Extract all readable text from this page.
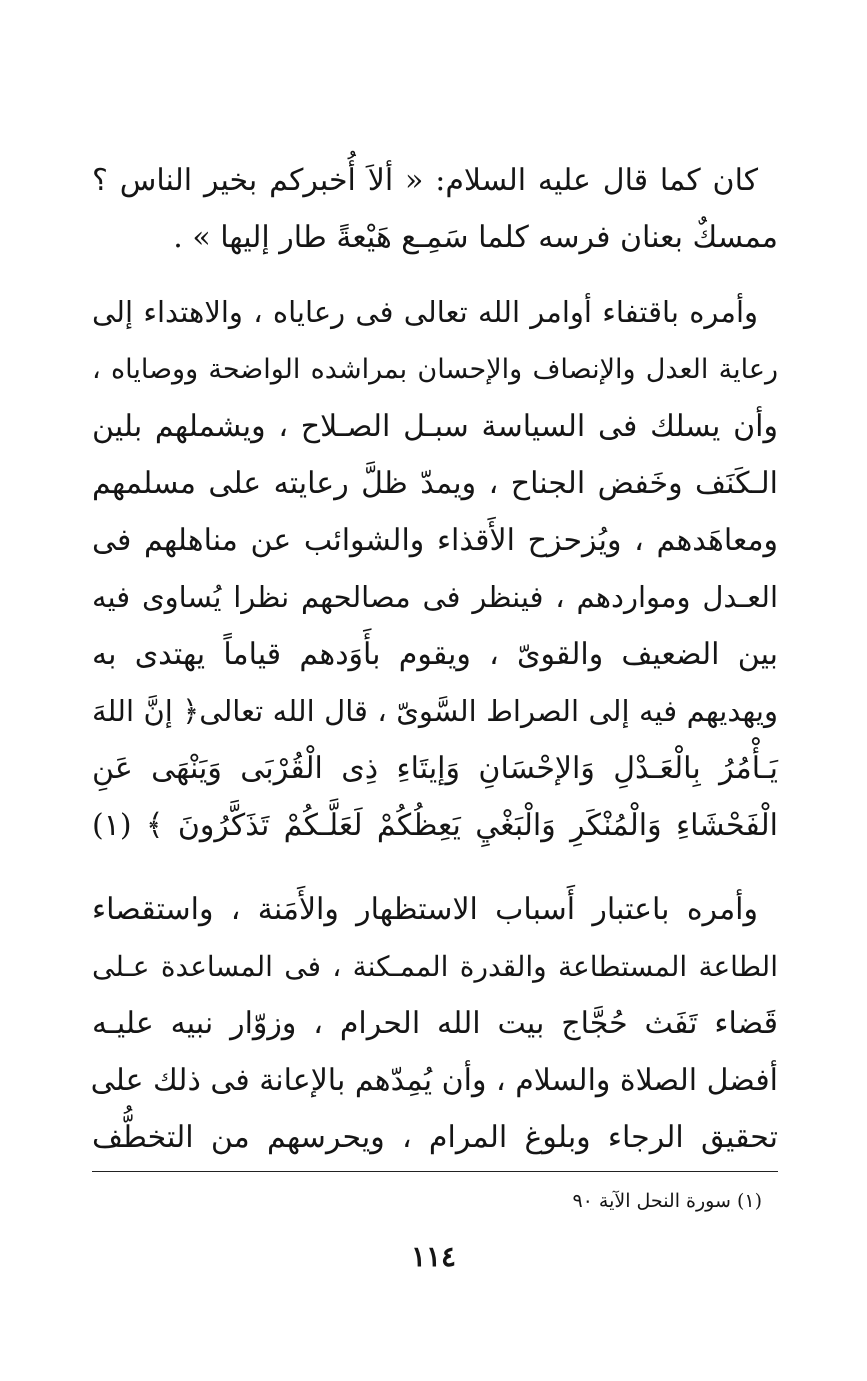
كان كما قال عليه السلام: « ألاَ أُخبركم بخير الناس ؟
ممسكٌ بعنان فرسه كلما سَمِـع هَيْعةً طار إليها » .
وأمره باقتفاء أوامر الله تعالى فى رعاياه ، والاهتداء إلى
رعاية العدل والإنصاف والإحسان بمراشده الواضحة ووصاياه ،
وأن يسلك فى السياسة سبـل الصـلاح ، ويشملهم بلين
الـكَنَف وخَفض الجناح ، ويمدّ ظلَّ رعايته على مسلمهم
ومعاهَدهم ، ويُزحزح الأَقذاء والشوائب عن مناهلهم فى
العـدل ومواردهم ، فينظر فى مصالحهم نظرا يُساوى فيه
بين الضعيف والقوىّ ، ويقوم بأَوَدهم قياماً يهتدى به
ويهديهم فيه إلى الصراط السَّوىّ ، قال الله تعالى﴿ إنَّ اللهَ
يَـأْمُرُ بِالْعَـدْلِ وَالإحْسَانِ وَإيتَاءِ ذِى الْقُرْبَى وَيَنْهَى عَنِ
الْفَحْشَاءِ وَالْمُنْكَرِ وَالْبَغْيِ يَعِظُكُمْ لَعَلَّـكُمْ تَذَكَّرُونَ ﴾ (١)
وأمره باعتبار أَسباب الاستظهار والأَمَنة ، واستقصاء
الطاعة المستطاعة والقدرة الممـكنة ، فى المساعدة عـلى
قَضاء تَفَث حُجَّاج بيت الله الحرام ، وزوّار نبيه عليـه
أفضل الصلاة والسلام ، وأن يُمِدّهم بالإعانة فى ذلك على
تحقيق الرجاء وبلوغ المرام ، ويحرسهم من التخطُّف
(١) سورة النحل الآية ٩٠
١١٤
